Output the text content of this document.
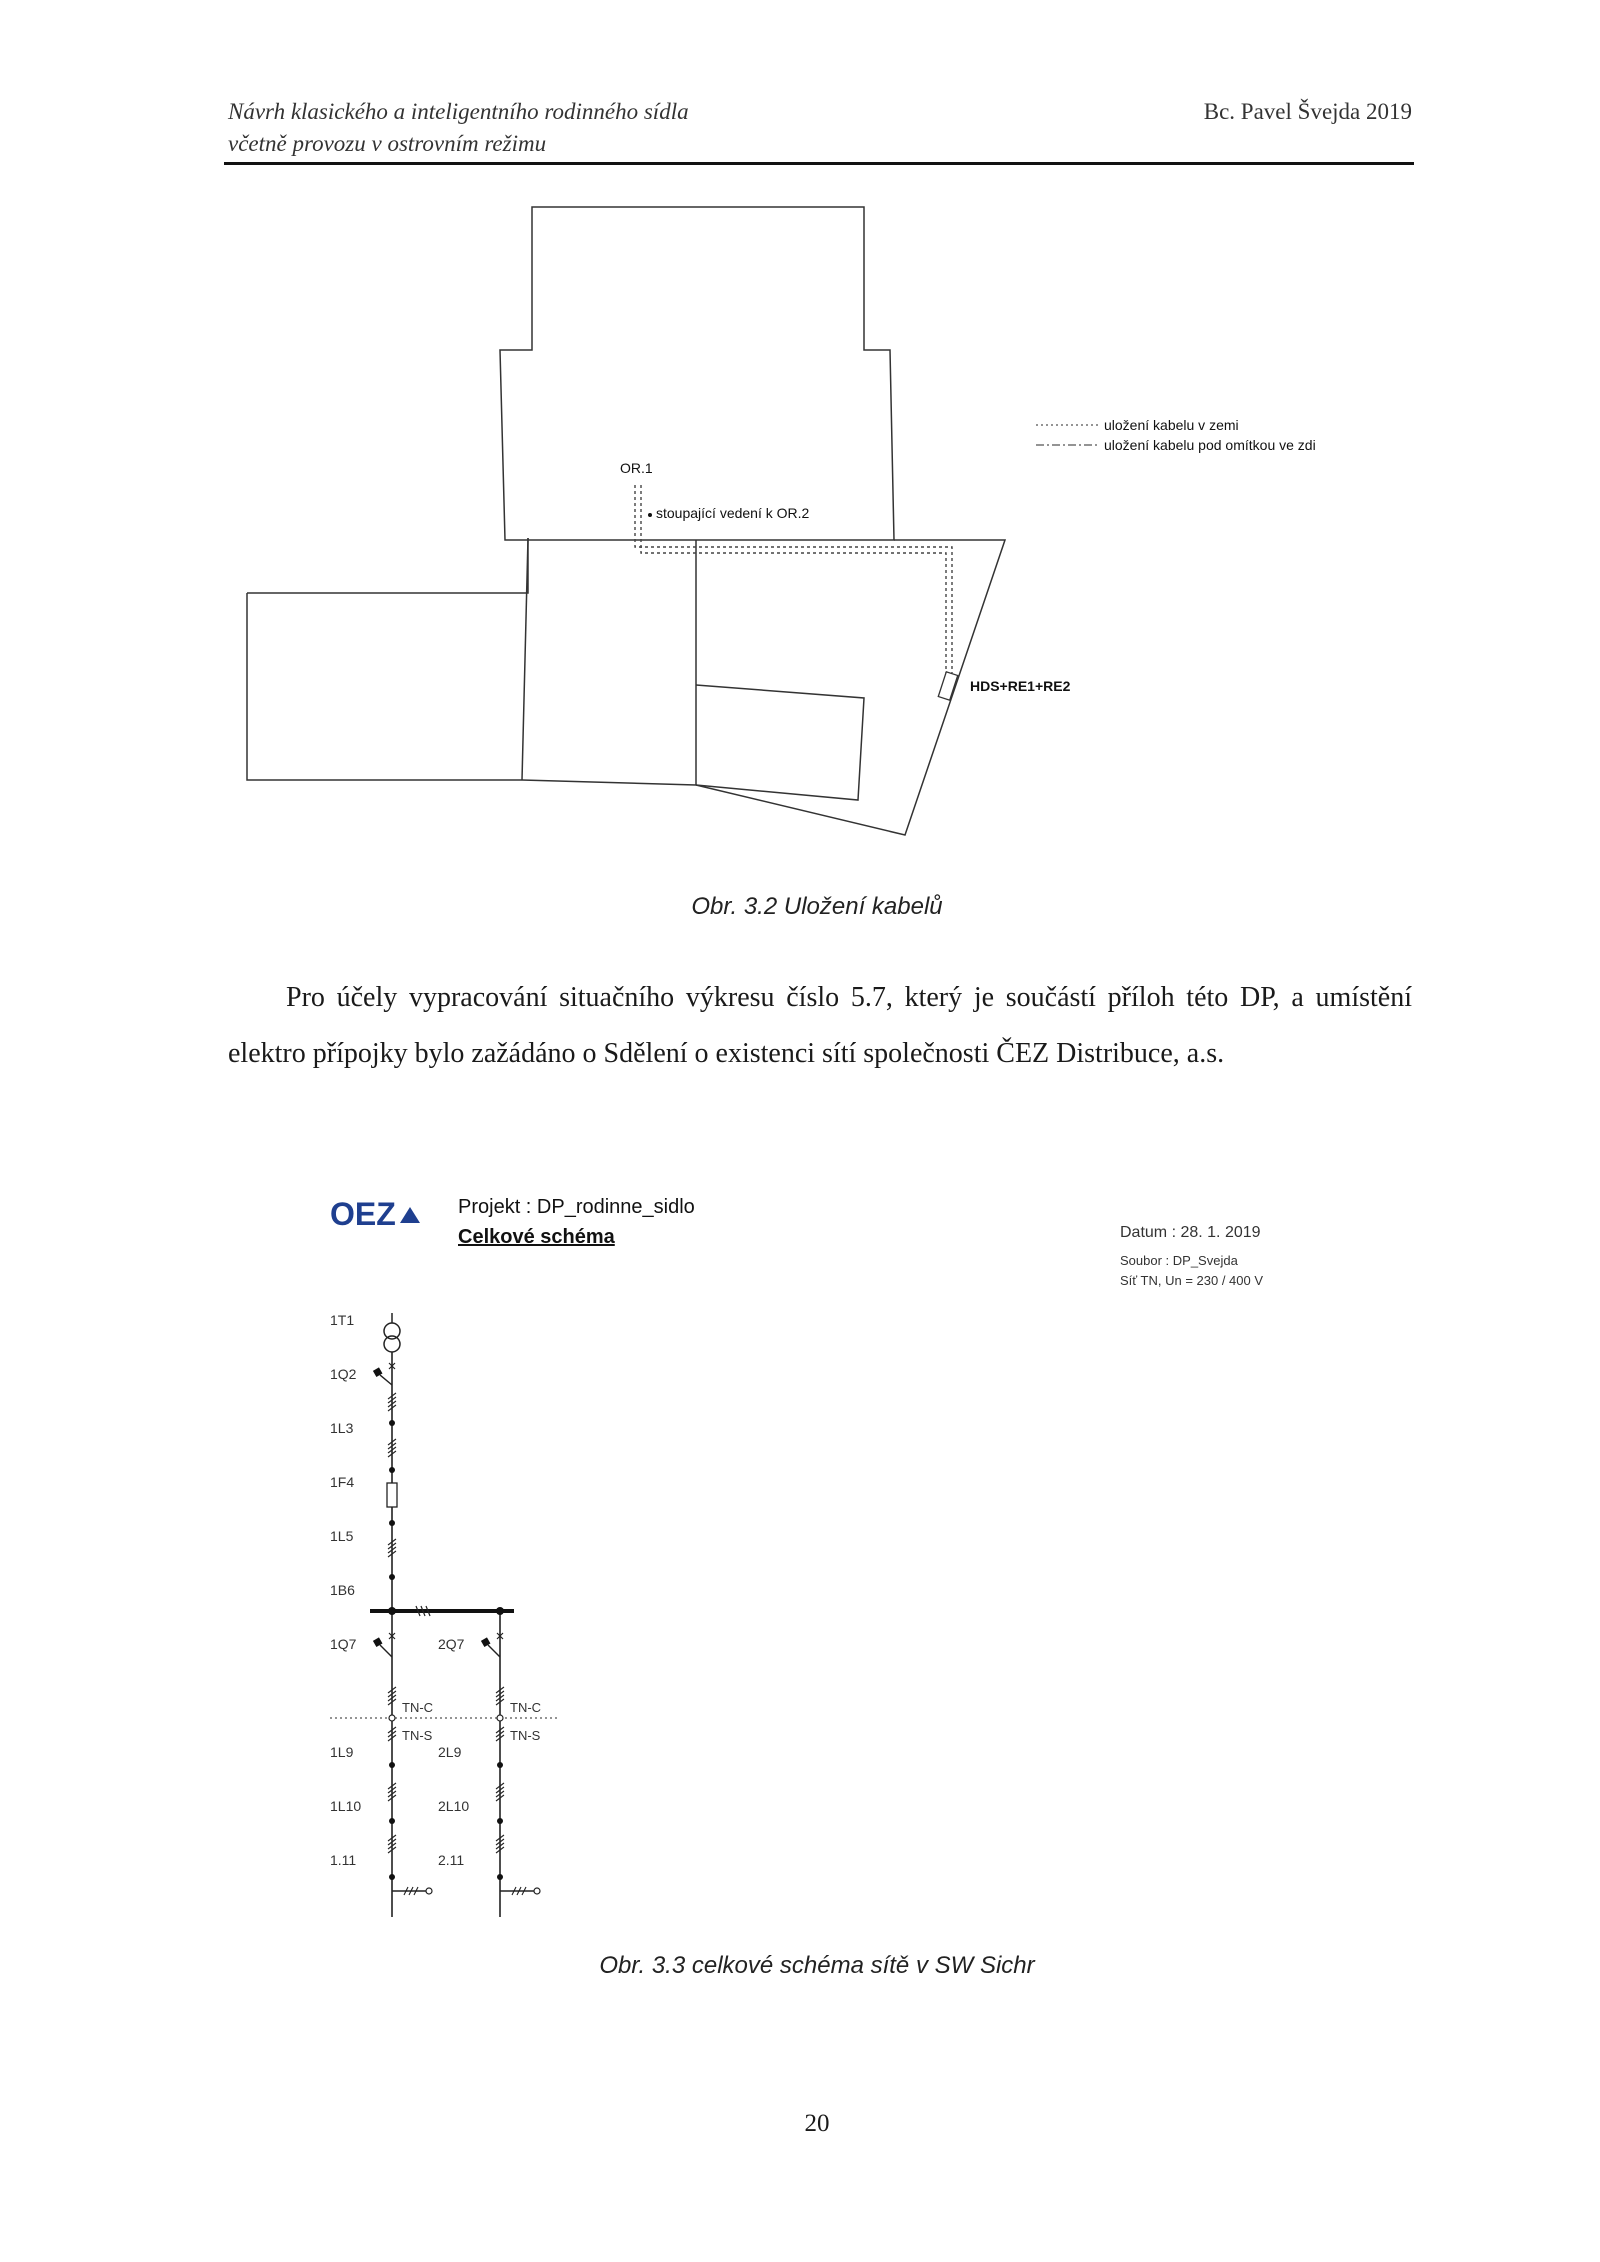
Návrh klasického a inteligentního rodinného sídla
včetně provozu v ostrovním režimu
Bc. Pavel Švejda 2019
OR.1
stoupající vedení k OR.2
HDS+RE1+RE2
uložení kabelu v zemi
uložení kabelu pod omítkou ve zdi
Obr. 3.2 Uložení kabelů
Pro účely vypracování situačního výkresu číslo 5.7, který je součástí příloh této DP, a umístění elektro přípojky bylo zažádáno o Sdělení o existenci sítí společnosti ČEZ Distribuce, a.s.
OEZ	Projekt : DP_rodinne_sidlo
Celkové schéma	Datum : 28. 1. 2019
Soubor : DP_Svejda
Síť TN, Un = 230 / 400 V
1T1
1Q2
1L3
1F4
1L5
1B6
1Q7
1L9
1L10
1.11
2Q7
2L9
2L10
2.11
TN-C
TN-S
TN-C
TN-S
Obr. 3.3 celkové schéma sítě v SW Sichr
20
